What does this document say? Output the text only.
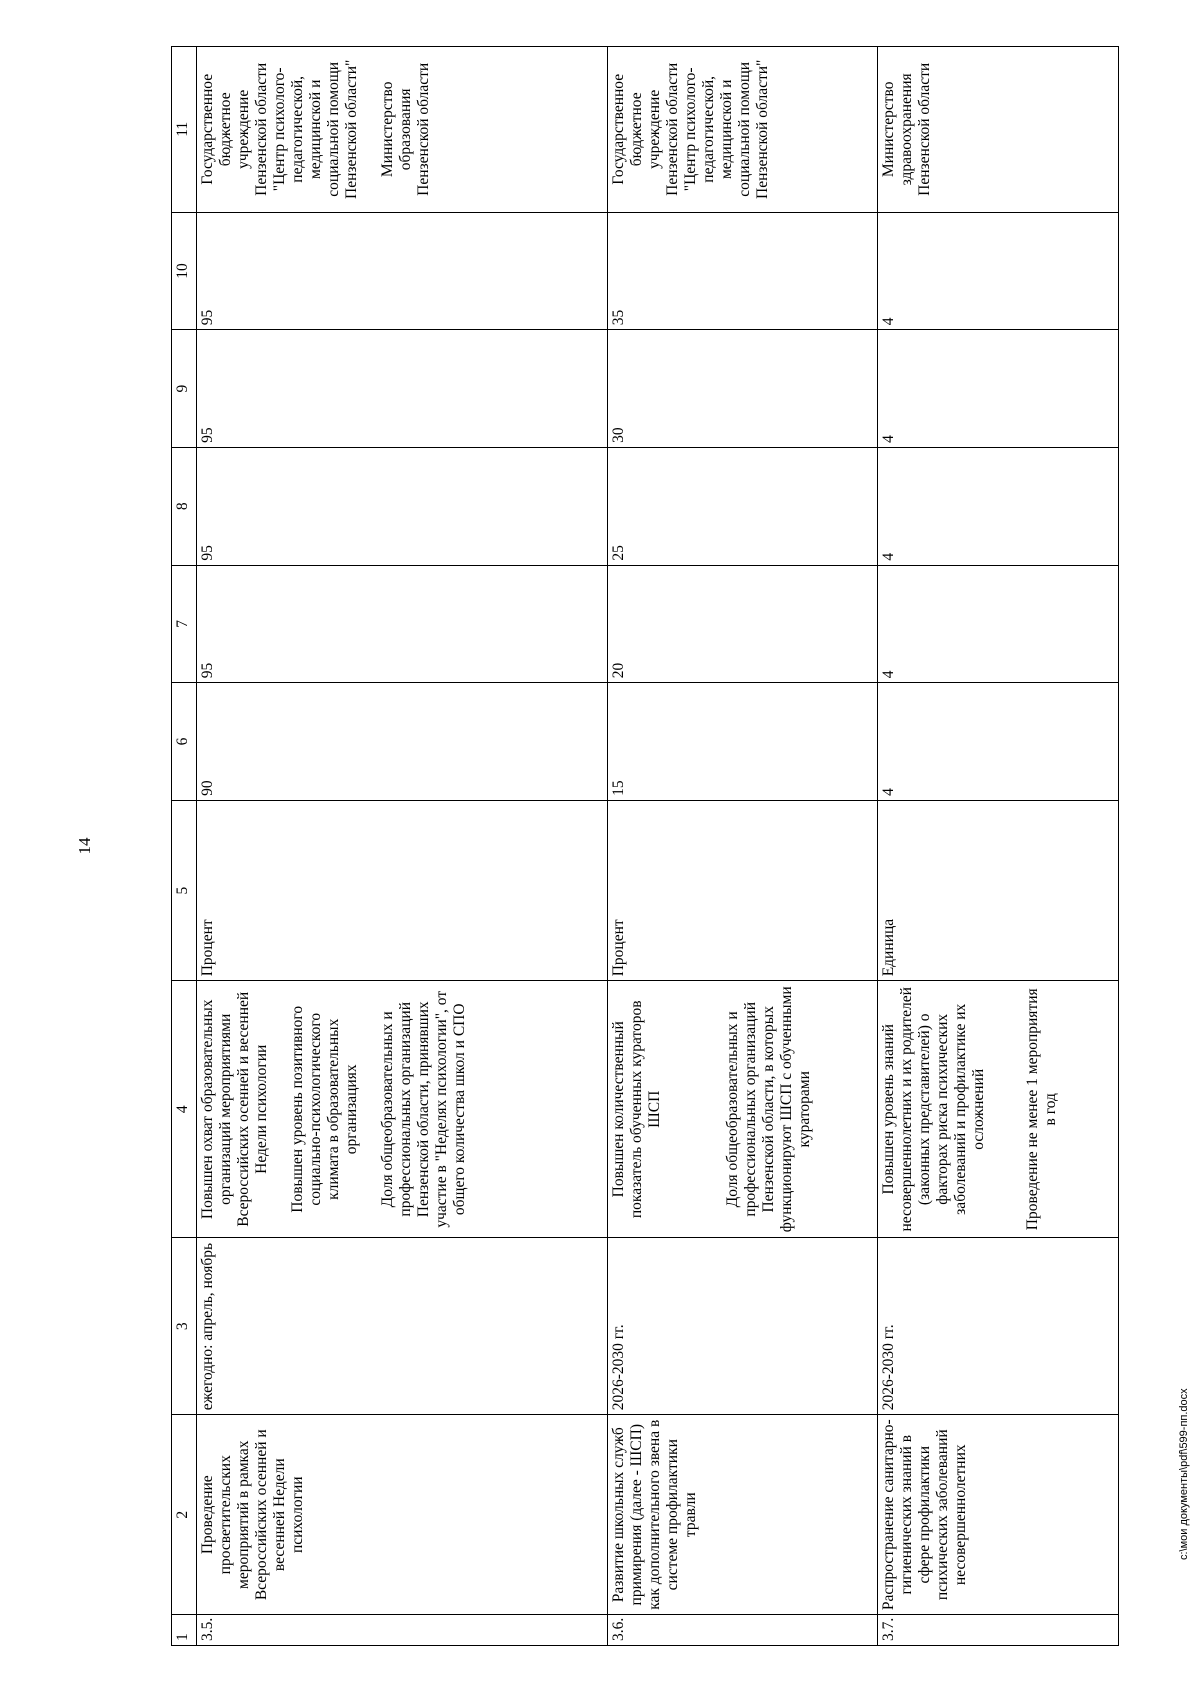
14
1	2	3	4	5	6	7	8	9	10	11
3.5.	Проведение просветительских мероприятий в рамках Всероссийских осенней и весенней Недели психологии	ежегодно: апрель, ноябрь	Повышен охват образовательных организаций мероприятиями Всероссийских осенней и весенней Недели психологии Повышен уровень позитивного социально-психологического климата в образовательных организациях Доля общеобразовательных и профессиональных организаций Пензенской области, принявших участие в "Неделях психологии", от общего количества школ и СПО	Процент	90	95	95	95	95	Государственное бюджетное учреждение Пензенской области "Центр психолого-педагогической, медицинской и социальной помощи Пензенской области" Министерство образования Пензенской области
3.6.	Развитие школьных служб примирения (далее - ШСП) как дополнительного звена в системе профилактики травли	2026-2030 гг.	Повышен количественный показатель обученных кураторов ШСП Доля общеобразовательных и профессиональных организаций Пензенской области, в которых функционируют ШСП с обученными кураторами	Процент	15	20	25	30	35	Государственное бюджетное учреждение Пензенской области "Центр психолого-педагогической, медицинской и социальной помощи Пензенской области"
3.7.	Распространение санитарно-гигиенических знаний в сфере профилактики психических заболеваний несовершеннолетних	2026-2030 гг.	Повышен уровень знаний несовершеннолетних и их родителей (законных представителей) о факторах риска психических заболеваний и профилактике их осложнений Проведение не менее 1 мероприятия в год	Единица	4	4	4	4	4	Министерство здравоохранения Пензенской области
c:\мои документы\pdf\599-пп.docx
